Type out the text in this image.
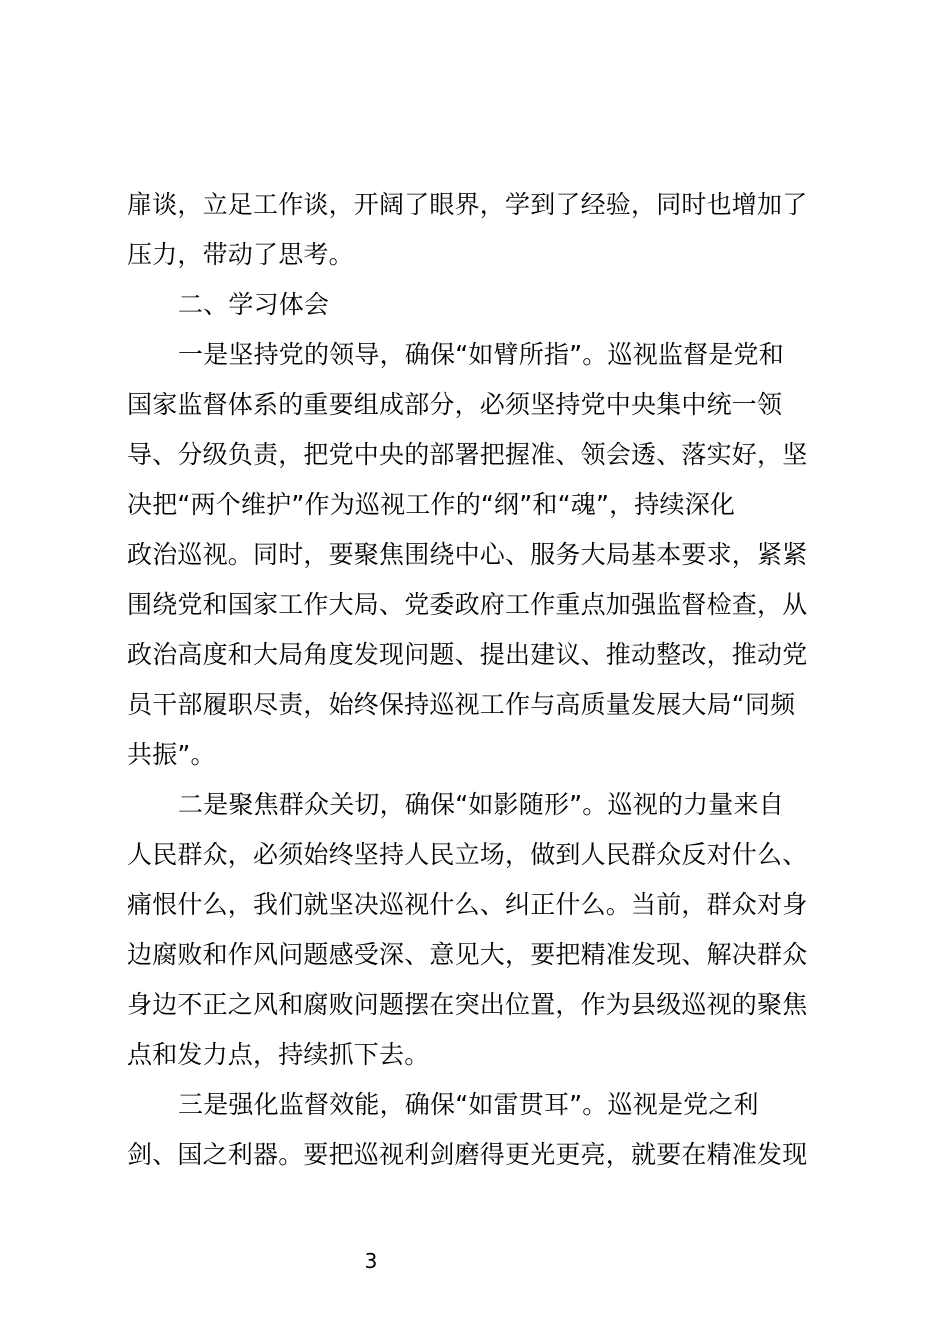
扉谈，立足工作谈，开阔了眼界，学到了经验，同时也增加了
压力，带动了思考。
二、学习体会
一是坚持党的领导，确保“如臂所指”。巡视监督是党和
国家监督体系的重要组成部分，必须坚持党中央集中统一领
导、分级负责，把党中央的部署把握准、领会透、落实好，坚
决把“两个维护”作为巡视工作的“纲”和“魂”，持续深化
政治巡视。同时，要聚焦围绕中心、服务大局基本要求，紧紧
围绕党和国家工作大局、党委政府工作重点加强监督检查，从
政治高度和大局角度发现问题、提出建议、推动整改，推动党
员干部履职尽责，始终保持巡视工作与高质量发展大局“同频
共振”。
二是聚焦群众关切，确保“如影随形”。巡视的力量来自
人民群众，必须始终坚持人民立场，做到人民群众反对什么、
痛恨什么，我们就坚决巡视什么、纠正什么。当前，群众对身
边腐败和作风问题感受深、意见大，要把精准发现、解决群众
身边不正之风和腐败问题摆在突出位置，作为县级巡视的聚焦
点和发力点，持续抓下去。
三是强化监督效能，确保“如雷贯耳”。巡视是党之利
剑、国之利器。要把巡视利剑磨得更光更亮，就要在精准发现
3
